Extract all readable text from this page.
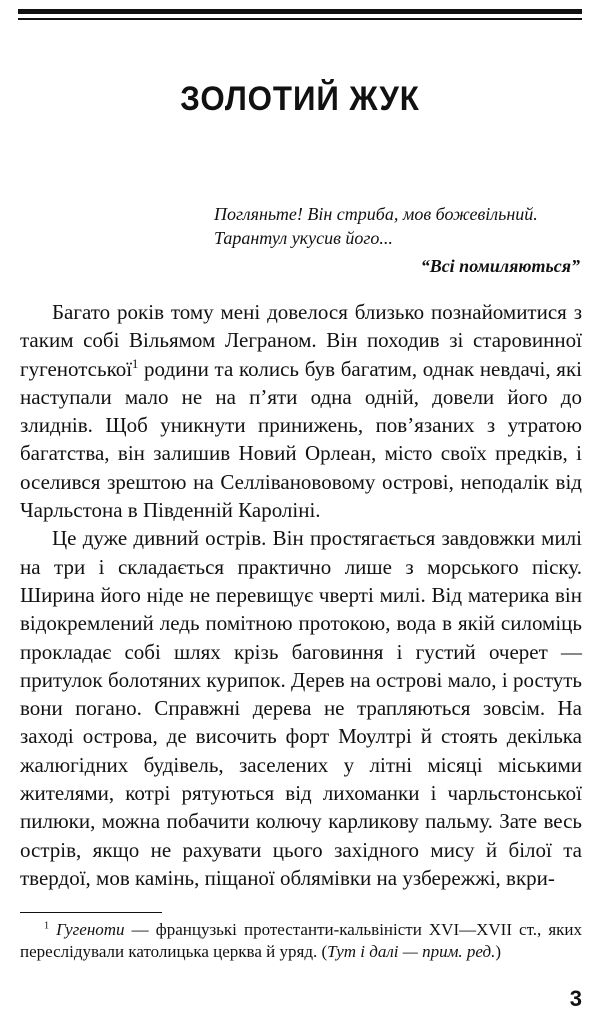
ЗОЛОТИЙ ЖУК
Погляньте! Він стриба, мов божевільний.
Тарантул укусив його...
“Всі помиляються”

Багато років тому мені довелося близько познайомитися з таким собі Вільямом Леграном. Він походив зі старовинної гугенотської$^1$ родини та колись був багатим, однак невдачі, які наступали мало не на п’яти одна одній, довели його до злиднів. Щоб уникнути принижень, пов’язаних з утратою багатства, він залишив Новий Орлеан, місто своїх предків, і оселився зрештою на Селліванововому острові, неподалік від Чарльстона в Південній Кароліні.

Це дуже дивний острів. Він простягається завдовжки милі на три і складається практично лише з морського піску. Ширина його ніде не перевищує чверті милі. Від материка він відокремлений ледь помітною протокою, вода в якій силоміць прокладає собі шлях крізь баговиння і густий очерет — притулок болотяних курипок. Дерев на острові мало, і ростуть вони погано. Справжні дерева не трапляються зовсім. На заході острова, де височить форт Моултрі й стоять декілька жалюгідних будівель, заселених у літні місяці міськими жителями, котрі рятуються від лихоманки і чарльстонської пилюки, можна побачити колючу карликову пальму. Зате весь острів, якщо не рахувати цього західного мису й білої та твердої, мов камінь, піщаної облямівки на узбережжі, вкри-

$^1$ Гугеноти — французькі протестанти-кальвіністи XVI—XVII ст., яких переслідували католицька церква й уряд. (Тут і далі — прим. ред.)
3
